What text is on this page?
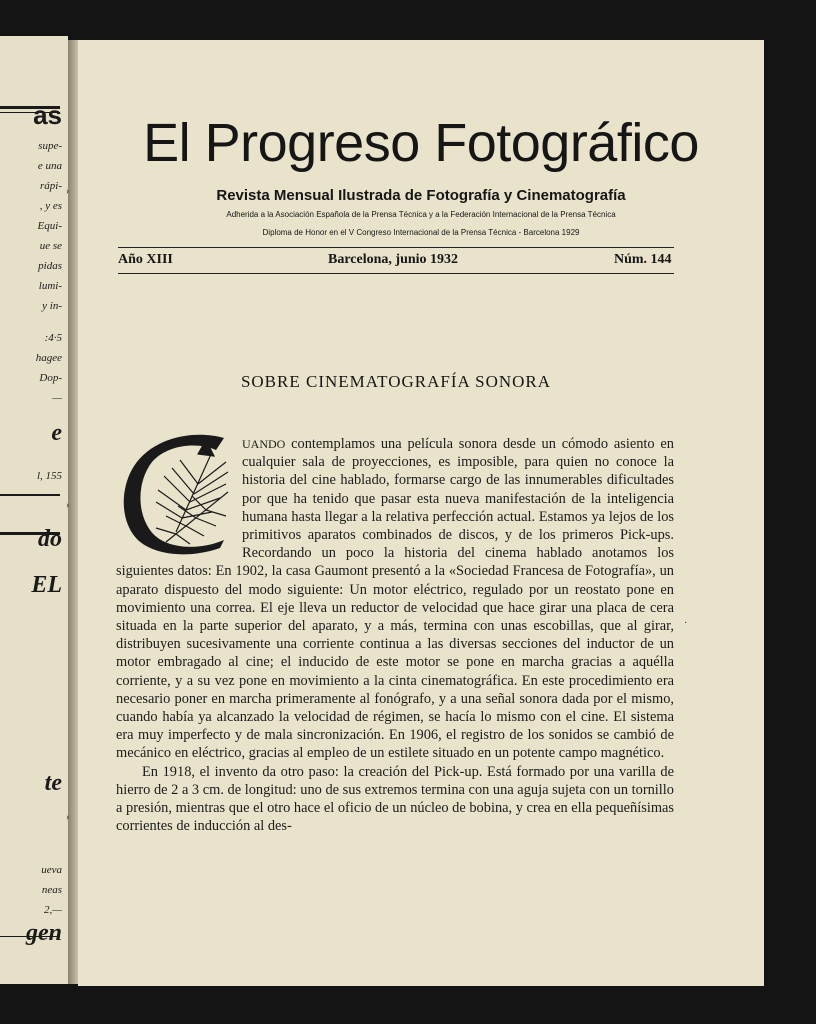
as
supe-
e una
rápi-
, y es
Equi-
ue se
pidas
lumi-
y in-
:4·5
hagee
Dop-
—
e
l, 155
do
EL
te
ueva
neas
2,—
gen
El Progreso Fotográfico
Revista Mensual Ilustrada de Fotografía y Cinematografía
Adherida a la Asociación Española de la Prensa Técnica y a la Federación Internacional de la Prensa Técnica
Diploma de Honor en el V Congreso Internacional de la Prensa Técnica - Barcelona 1929
Año XIII	Barcelona, junio 1932	Núm. 144
SOBRE CINEMATOGRAFÍA SONORA

UANDO contemplamos una película sonora desde un cómodo asiento en cualquier sala de proyecciones, es imposible, para quien no conoce la historia del cine hablado, formarse cargo de las innumerables dificultades por que ha tenido que pasar esta nueva manifestación de la inteligencia humana hasta llegar a la relativa perfección actual. Estamos ya lejos de los primitivos aparatos combinados de discos, y de los primeros Pick-ups. Recordando un poco la historia del cinema hablado anotamos los siguientes datos: En 1902, la casa Gaumont presentó a la «Sociedad Francesa de Fotografía», un aparato dispuesto del modo siguiente: Un motor eléctrico, regulado por un reostato pone en movimiento una correa. El eje lleva un reductor de velocidad que hace girar una placa de cera situada en la parte superior del aparato, y a más, termina con unas escobillas, que al girar, distribuyen sucesivamente una corriente continua a las diversas secciones del inductor de un motor embragado al cine; el inducido de este motor se pone en marcha gracias a aquélla corriente, y a su vez pone en movimiento a la cinta cinematográfica. En este procedimiento era necesario poner en marcha primeramente al fonógrafo, y a una señal sonora dada por el mismo, cuando había ya alcanzado la velocidad de régimen, se hacía lo mismo con el cine. El sistema era muy imperfecto y de mala sincronización. En 1906, el registro de los sonidos se cambió de mecánico en eléctrico, gracias al empleo de un estilete situado en un potente campo magnético.

En 1918, el invento da otro paso: la creación del Pick-up. Está formado por una varilla de hierro de 2 a 3 cm. de longitud: uno de sus extremos termina con una aguja sujeta con un tornillo a presión, mientras que el otro hace el oficio de un núcleo de bobina, y crea en ella pequeñísimas corrientes de inducción al des-

·
›
›
›
